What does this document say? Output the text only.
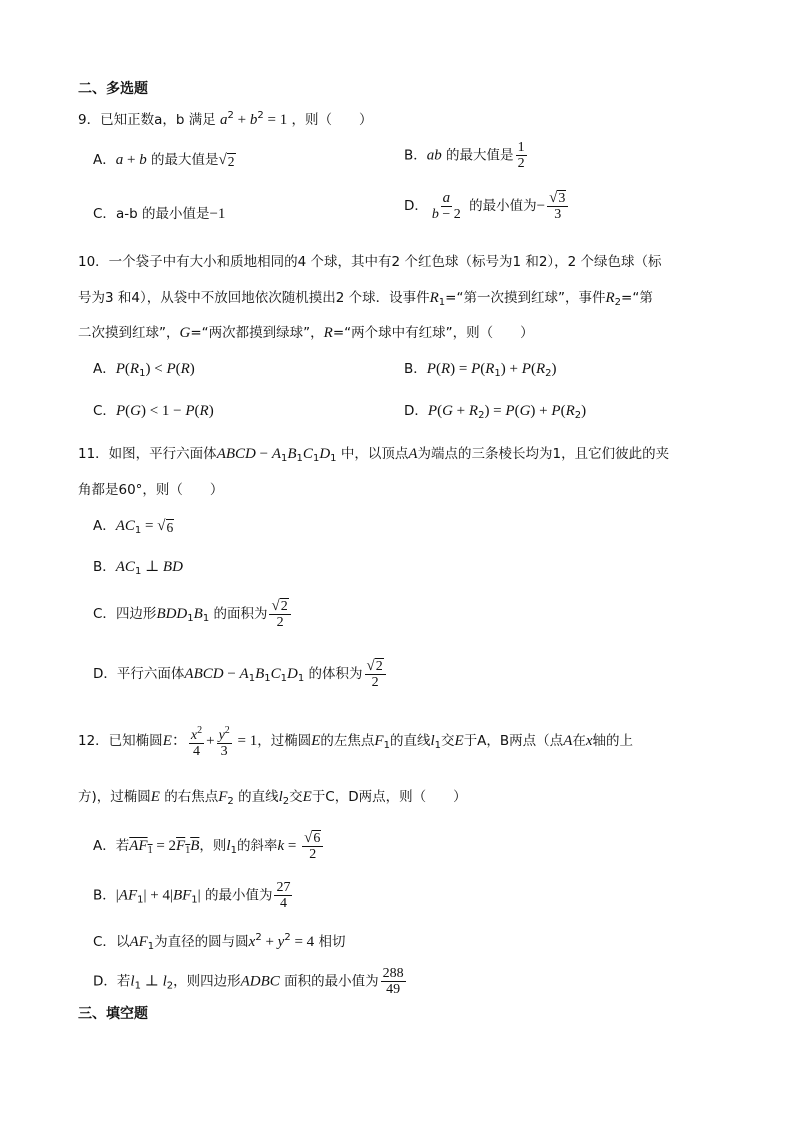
二、多选题
9．已知正数a，b 满足 $a^2 + b^2 = 1$ ，则（　　）
A．a + b 的最大值是 √ 2	B．ab 的最大值是 $\frac{1}{2}$
C．a-b 的最小值是−1	D． $\frac{a}{b - 2}$ 的最小值为− $\frac{√ 3}{3}$
10．一个袋子中有大小和质地相同的4 个球，其中有2 个红色球（标号为1 和2），2 个绿色球（标
号为3 和4），从袋中不放回地依次随机摸出2 个球．设事件$R_1=“$第一次摸到红球”，事件$R_2=“$第
二次摸到红球”，G=“两次都摸到绿球”，R=“两个球中有红球”，则（　　）
A．$P(R_1) < P(R)$	B．$P(R) = P(R_1) + P(R_2)$
C．P(G) < 1 − P(R)	D．$P(G + R_2) = P(G) + P(R_2)$
11．如图，平行六面体ABCD − $A_1B_1C_1D_1$ 中，以顶点A为端点的三条棱长均为1，且它们彼此的夹
角都是60°，则（　　）
A．$AC_1$ = √ 6
B．$AC_1$ ⊥ BD
C．四边形$BDD_1B_1$ 的面积为 $\frac{√ 2}{2}$
D．平行六面体ABCD − $A_1B_1C_1D_1$ 的体积为 $\frac{√ 2}{2}$
12．已知椭圆E： $\frac{x^2}{4} + \frac{y^2}{3} = 1$，过椭圆E的左焦点$F_1$的直线$l_1$交E于A，B两点（点A在x轴的上
方)，过椭圆E 的右焦点$F_2$ 的直线$l_2$交E于C，D两点，则（　　）
A．若$AF_1 = 2F_1B$，则$l_1$的斜率$k = \frac{√ 6}{2}$
B．$|AF_1| + 4|BF_1|$ 的最小值为 $\frac{27}{4}$
C．以$AF_1$为直径的圆与圆$x^2 + y^2 = 4$ 相切
D．若$l_1$ ⊥ $l_2$，则四边形ADBC 面积的最小值为 $\frac{288}{49}$
三、填空题
